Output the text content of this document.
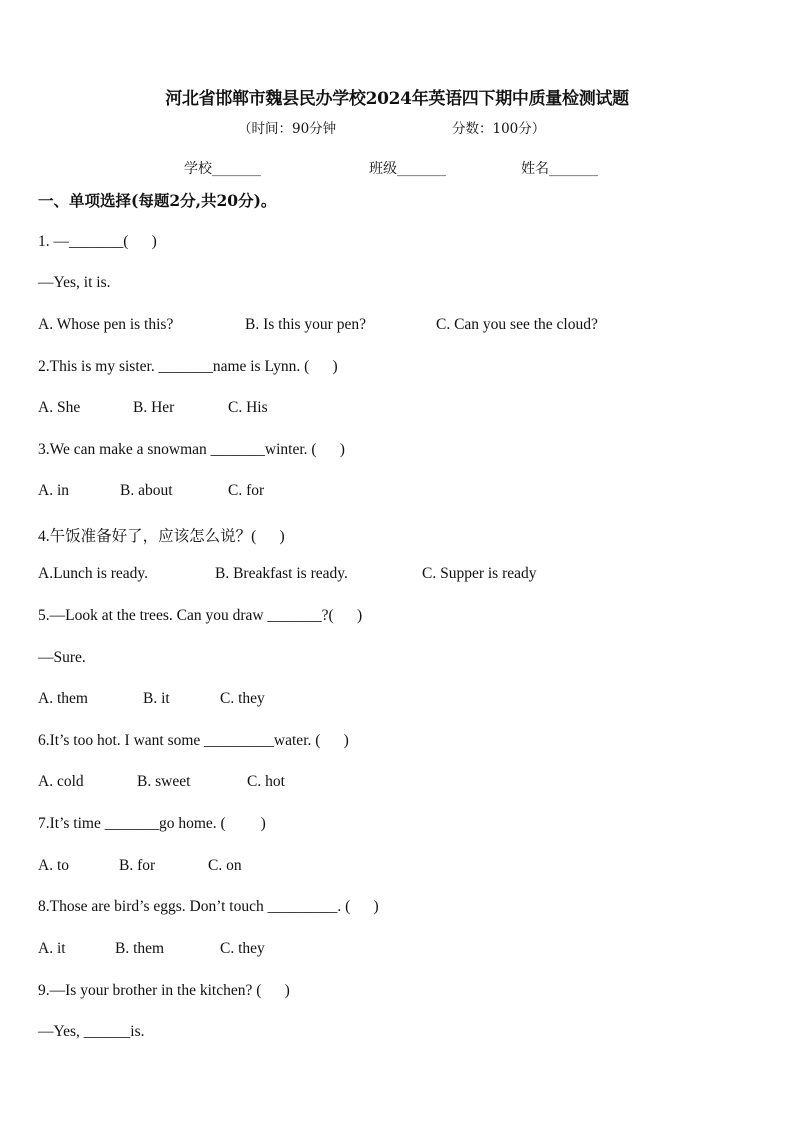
河北省邯郸市魏县民办学校2024年英语四下期中质量检测试题
（时间：90分钟	分数：100分）
学校_______	班级_______	姓名_______
一、单项选择(每题2分,共20分)。
1. —_______(      )
—Yes, it is.
A. Whose pen is this?	B. Is this your pen?	C. Can you see the cloud?
2.This is my sister. _______name is Lynn. (      )
A. She	B. Her	C. His
3.We can make a snowman _______winter. (      )
A. in	B. about	C. for
4.午饭准备好了，应该怎么说？(      )
A.Lunch is ready.	B. Breakfast is ready.	C. Supper is ready
5.—Look at the trees. Can you draw _______?(      )
—Sure.
A. them	B. it	C. they
6.It’s too hot. I want some _________water. (      )
A. cold	B. sweet	C. hot
7.It’s time _______go home. (         )
A. to	B. for	C. on
8.Those are bird’s eggs. Don’t touch _________. (      )
A. it	B. them	C. they
9.—Is your brother in the kitchen? (      )
—Yes, ______is.
